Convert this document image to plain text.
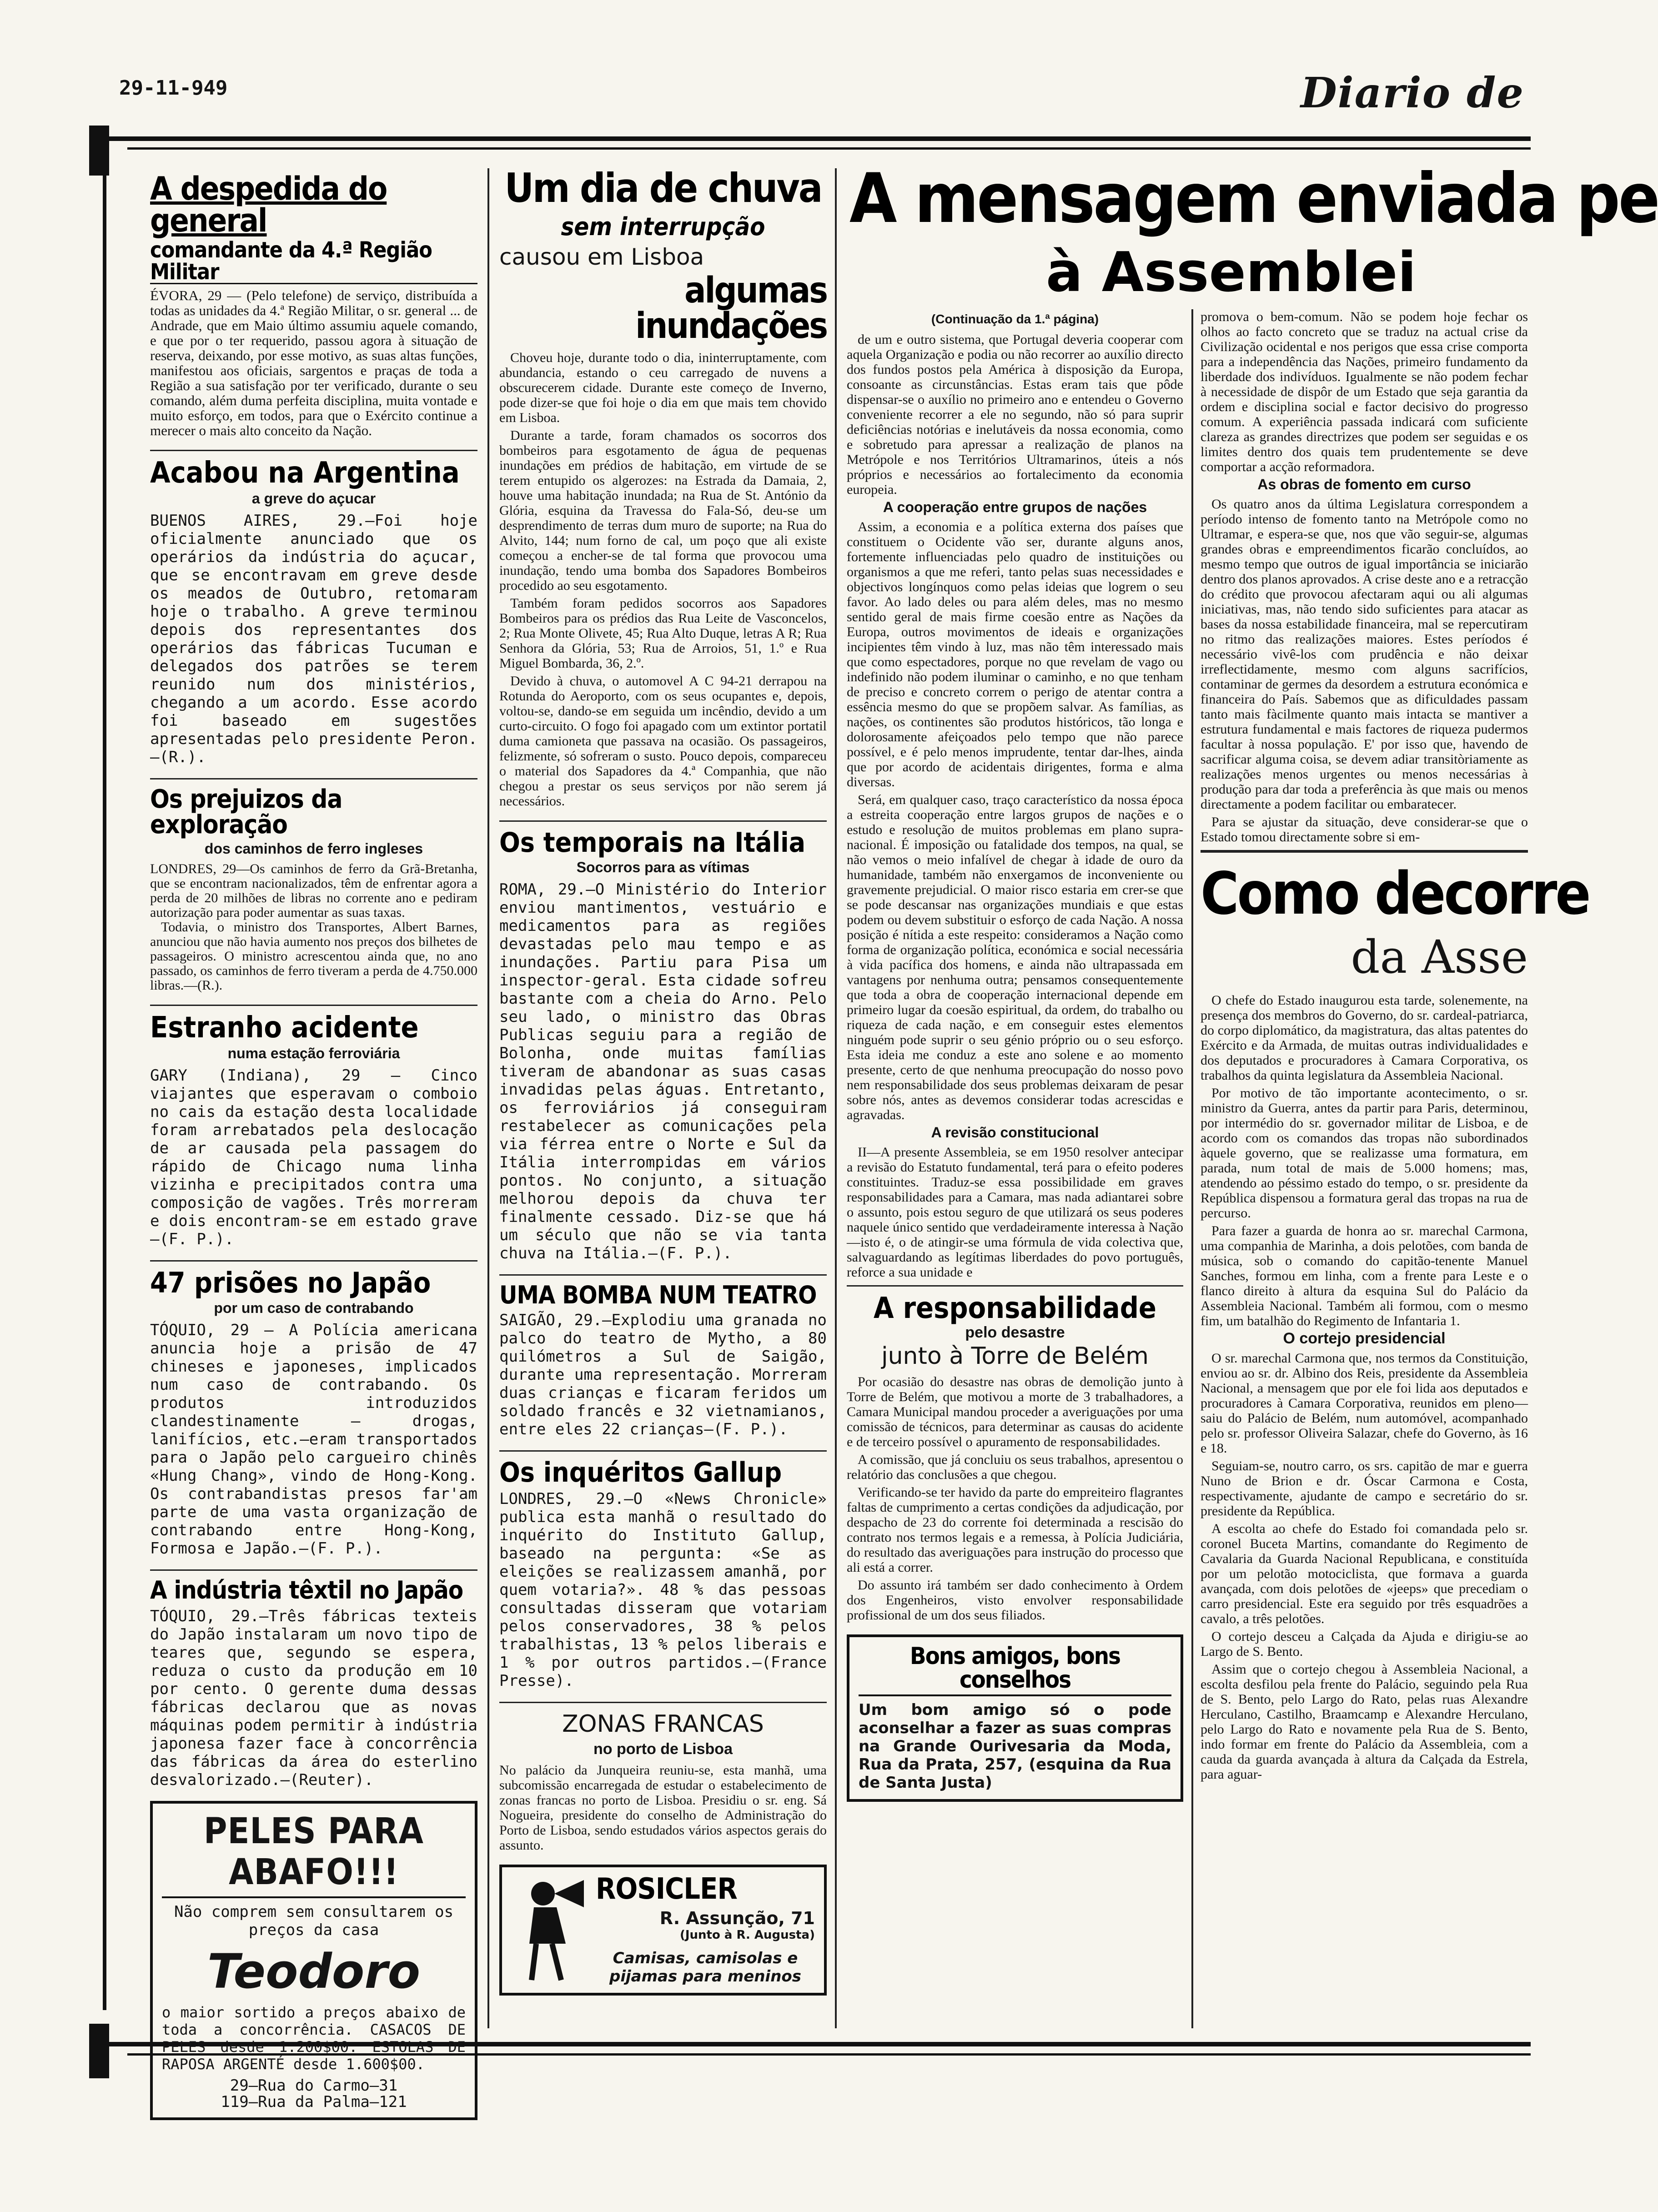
29-11-949	Diario de
A despedida do general
comandante da 4.ª Região Militar
ÉVORA, 29 — (Pelo telefone) de serviço, distribuída a todas as unidades da 4.ª Região Militar, o sr. general ... de Andrade, que em Maio último assumiu aquele comando, e que por o ter requerido, passou agora à situação de reserva, deixando, por esse motivo, as suas altas funções, manifestou aos oficiais, sargentos e praças de toda a Região a sua satisfação por ter verificado, durante o seu comando, além duma perfeita disciplina, muita vontade e muito esforço, em todos, para que o Exército continue a merecer o mais alto conceito da Nação.
Acabou na Argentina
a greve do açucar
BUENOS AIRES, 29.—Foi hoje oficialmente anunciado que os operários da indústria do açucar, que se encontravam em greve desde os meados de Outubro, retomaram hoje o trabalho. A greve terminou depois dos representantes dos operários das fábricas Tucuman e delegados dos patrões se terem reunido num dos ministérios, chegando a um acordo. Esse acordo foi baseado em sugestões apresentadas pelo presidente Peron.—(R.).
Os prejuizos da exploração
dos caminhos de ferro ingleses
LONDRES, 29—Os caminhos de ferro da Grã-Bretanha, que se encontram nacionalizados, têm de enfrentar agora a perda de 20 milhões de libras no corrente ano e pediram autorização para poder aumentar as suas taxas.
Todavia, o ministro dos Transportes, Albert Barnes, anunciou que não havia aumento nos preços dos bilhetes de passageiros. O ministro acrescentou ainda que, no ano passado, os caminhos de ferro tiveram a perda de 4.750.000 libras.—(R.).
Estranho acidente
numa estação ferroviária
GARY (Indiana), 29 — Cinco viajantes que esperavam o comboio no cais da estação desta localidade foram arrebatados pela deslocação de ar causada pela passagem do rápido de Chicago numa linha vizinha e precipitados contra uma composição de vagões. Três morreram e dois encontram-se em estado grave—(F. P.).
47 prisões no Japão
por um caso de contrabando
TÓQUIO, 29 — A Polícia americana anuncia hoje a prisão de 47 chineses e japoneses, implicados num caso de contrabando. Os produtos introduzidos clandestinamente — drogas, lanifícios, etc.—eram transportados para o Japão pelo cargueiro chinês «Hung Chang», vindo de Hong-Kong. Os contrabandistas presos far'am parte de uma vasta organização de contrabando entre Hong-Kong, Formosa e Japão.—(F. P.).
A indústria têxtil no Japão
TÓQUIO, 29.—Três fábricas texteis do Japão instalaram um novo tipo de teares que, segundo se espera, reduza o custo da produção em 10 por cento. O gerente duma dessas fábricas declarou que as novas máquinas podem permitir à indústria japonesa fazer face à concorrência das fábricas da área do esterlino desvalorizado.—(Reuter).
PELES PARA ABAFO!!!
Não comprem sem consultarem os preços da casa
Teodoro
o maior sortido a preços abaixo de toda a concorrência. CASACOS DE PELES desde 1.200$00. ESTOLAS DE RAPOSA ARGENTÉ desde 1.600$00.
29—Rua do Carmo—31
119—Rua da Palma—121
Um dia de chuva
sem interrupção
causou em Lisboa
algumas inundações

Choveu hoje, durante todo o dia, ininterruptamente, com abundancia, estando o ceu carregado de nuvens a obscurecerem cidade. Durante este começo de Inverno, pode dizer-se que foi hoje o dia em que mais tem chovido em Lisboa.

Durante a tarde, foram chamados os socorros dos bombeiros para esgotamento de água de pequenas inundações em prédios de habitação, em virtude de se terem entupido os algerozes: na Estrada da Damaia, 2, houve uma habitação inundada; na Rua de St. António da Glória, esquina da Travessa do Fala-Só, deu-se um desprendimento de terras dum muro de suporte; na Rua do Alvito, 144; num forno de cal, um poço que ali existe começou a encher-se de tal forma que provocou uma inundação, tendo uma bomba dos Sapadores Bombeiros procedido ao seu esgotamento.

Também foram pedidos socorros aos Sapadores Bombeiros para os prédios das Rua Leite de Vasconcelos, 2; Rua Monte Olivete, 45; Rua Alto Duque, letras A R; Rua Senhora da Glória, 53; Rua de Arroios, 51, 1.º e Rua Miguel Bombarda, 36, 2.º.

Devido à chuva, o automovel A C 94-21 derrapou na Rotunda do Aeroporto, com os seus ocupantes e, depois, voltou-se, dando-se em seguida um incêndio, devido a um curto-circuito. O fogo foi apagado com um extintor portatil duma camioneta que passava na ocasião. Os passageiros, felizmente, só sofreram o susto. Pouco depois, compareceu o material dos Sapadores da 4.ª Companhia, que não chegou a prestar os seus serviços por não serem já necessários.

Os temporais na Itália
Socorros para as vítimas
ROMA, 29.—O Ministério do Interior enviou mantimentos, vestuário e medicamentos para as regiões devastadas pelo mau tempo e as inundações. Partiu para Pisa um inspector-geral. Esta cidade sofreu bastante com a cheia do Arno. Pelo seu lado, o ministro das Obras Publicas seguiu para a região de Bolonha, onde muitas famílias tiveram de abandonar as suas casas invadidas pelas águas. Entretanto, os ferroviários já conseguiram restabelecer as comunicações pela via férrea entre o Norte e Sul da Itália interrompidas em vários pontos. No conjunto, a situação melhorou depois da chuva ter finalmente cessado. Diz-se que há um século que não se via tanta chuva na Itália.—(F. P.).
UMA BOMBA NUM TEATRO
SAIGÃO, 29.—Explodiu uma granada no palco do teatro de Mytho, a 80 quilómetros a Sul de Saigão, durante uma representação. Morreram duas crianças e ficaram feridos um soldado francês e 32 vietnamianos, entre eles 22 crianças—(F. P.).
Os inquéritos Gallup
LONDRES, 29.—O «News Chronicle» publica esta manhã o resultado do inquérito do Instituto Gallup, baseado na pergunta: «Se as eleições se realizassem amanhã, por quem votaria?». 48 % das pessoas consultadas disseram que votariam pelos conservadores, 38 % pelos trabalhistas, 13 % pelos liberais e 1 % por outros partidos.—(France Presse).
ZONAS FRANCAS
no porto de Lisboa
No palácio da Junqueira reuniu-se, esta manhã, uma subcomissão encarregada de estudar o estabelecimento de zonas francas no porto de Lisboa. Presidiu o sr. eng. Sá Nogueira, presidente do conselho de Administração do Porto de Lisboa, sendo estudados vários aspectos gerais do assunto.
ROSICLER
R. Assunção, 71
(Junto à R. Augusta)
Camisas, camisolas e pijamas para meninos
A mensagem enviada pe
à Assemblei
(Continuação da 1.ª página)

de um e outro sistema, que Portugal deveria cooperar com aquela Organização e podia ou não recorrer ao auxílio directo dos fundos postos pela América à disposição da Europa, consoante as circunstâncias. Estas eram tais que pôde dispensar-se o auxílio no primeiro ano e entendeu o Governo conveniente recorrer a ele no segundo, não só para suprir deficiências notórias e inelutáveis da nossa economia, como e sobretudo para apressar a realização de planos na Metrópole e nos Territórios Ultramarinos, úteis a nós próprios e necessários ao fortalecimento da economia europeia.

A cooperação entre grupos de nações

Assim, a economia e a política externa dos países que constituem o Ocidente vão ser, durante alguns anos, fortemente influenciadas pelo quadro de instituições ou organismos a que me referi, tanto pelas suas necessidades e objectivos longínquos como pelas ideias que logrem o seu favor. Ao lado deles ou para além deles, mas no mesmo sentido geral de mais firme coesão entre as Nações da Europa, outros movimentos de ideais e organizações incipientes têm vindo à luz, mas não têm interessado mais que como espectadores, porque no que revelam de vago ou indefinido não podem iluminar o caminho, e no que tenham de preciso e concreto correm o perigo de atentar contra a essência mesmo do que se propõem salvar. As famílias, as nações, os continentes são produtos históricos, tão longa e dolorosamente afeiçoados pelo tempo que não parece possível, e é pelo menos imprudente, tentar dar-lhes, ainda que por acordo de acidentais dirigentes, forma e alma diversas.

Será, em qualquer caso, traço característico da nossa época a estreita cooperação entre largos grupos de nações e o estudo e resolução de muitos problemas em plano supra-nacional. É imposição ou fatalidade dos tempos, na qual, se não vemos o meio infalível de chegar à idade de ouro da humanidade, também não enxergamos de inconveniente ou gravemente prejudicial. O maior risco estaria em crer-se que se pode descansar nas organizações mundiais e que estas podem ou devem substituir o esforço de cada Nação. A nossa posição é nítida a este respeito: consideramos a Nação como forma de organização política, económica e social necessária à vida pacífica dos homens, e ainda não ultrapassada em vantagens por nenhuma outra; pensamos consequentemente que toda a obra de cooperação internacional depende em primeiro lugar da coesão espiritual, da ordem, do trabalho ou riqueza de cada nação, e em conseguir estes elementos ninguém pode suprir o seu génio próprio ou o seu esforço. Esta ideia me conduz a este ano solene e ao momento presente, certo de que nenhuma preocupação do nosso povo nem responsabilidade dos seus problemas deixaram de pesar sobre nós, antes as devemos considerar todas acrescidas e agravadas.

A revisão constitucional

II—A presente Assembleia, se em 1950 resolver antecipar a revisão do Estatuto fundamental, terá para o efeito poderes constituintes. Traduz-se essa possibilidade em graves responsabilidades para a Camara, mas nada adiantarei sobre o assunto, pois estou seguro de que utilizará os seus poderes naquele único sentido que verdadeiramente interessa à Nação—isto é, o de atingir-se uma fórmula de vida colectiva que, salvaguardando as legítimas liberdades do povo português, reforce a sua unidade e

A responsabilidade
pelo desastre
junto à Torre de Belém

Por ocasião do desastre nas obras de demolição junto à Torre de Belém, que motivou a morte de 3 trabalhadores, a Camara Municipal mandou proceder a averiguações por uma comissão de técnicos, para determinar as causas do acidente e de terceiro possível o apuramento de responsabilidades.

A comissão, que já concluiu os seus trabalhos, apresentou o relatório das conclusões a que chegou.

Verificando-se ter havido da parte do empreiteiro flagrantes faltas de cumprimento a certas condições da adjudicação, por despacho de 23 do corrente foi determinada a rescisão do contrato nos termos legais e a remessa, à Polícia Judiciária, do resultado das averiguações para instrução do processo que ali está a correr.

Do assunto irá também ser dado conhecimento à Ordem dos Engenheiros, visto envolver responsabilidade profissional de um dos seus filiados.

Bons amigos, bons conselhos
Um bom amigo só o pode aconselhar a fazer as suas compras na Grande Ourivesaria da Moda, Rua da Prata, 257, (esquina da Rua de Santa Justa)

promova o bem-comum. Não se podem hoje fechar os olhos ao facto concreto que se traduz na actual crise da Civilização ocidental e nos perigos que essa crise comporta para a independência das Nações, primeiro fundamento da liberdade dos indivíduos. Igualmente se não podem fechar à necessidade de dispôr de um Estado que seja garantia da ordem e disciplina social e factor decisivo do progresso comum. A experiência passada indicará com suficiente clareza as grandes directrizes que podem ser seguidas e os limites dentro dos quais tem prudentemente se deve comportar a acção reformadora.

As obras de fomento em curso

Os quatro anos da última Legislatura correspondem a período intenso de fomento tanto na Metrópole como no Ultramar, e espera-se que, nos que vão seguir-se, algumas grandes obras e empreendimentos ficarão concluídos, ao mesmo tempo que outros de igual importância se iniciarão dentro dos planos aprovados. A crise deste ano e a retracção do crédito que provocou afectaram aqui ou ali algumas iniciativas, mas, não tendo sido suficientes para atacar as bases da nossa estabilidade financeira, mal se repercutiram no ritmo das realizações maiores. Estes períodos é necessário vivê-los com prudência e não deixar irreflectidamente, mesmo com alguns sacrifícios, contaminar de germes da desordem a estrutura económica e financeira do País. Sabemos que as dificuldades passam tanto mais fàcilmente quanto mais intacta se mantiver a estrutura fundamental e mais factores de riqueza pudermos facultar à nossa população. E' por isso que, havendo de sacrificar alguma coisa, se devem adiar transitòriamente as realizações menos urgentes ou menos necessárias à produção para dar toda a preferência às que mais ou menos directamente a podem facilitar ou embaratecer.

Para se ajustar da situação, deve considerar-se que o Estado tomou directamente sobre si em-

Como decorre
da Asse

O chefe do Estado inaugurou esta tarde, solenemente, na presença dos membros do Governo, do sr. cardeal-patriarca, do corpo diplomático, da magistratura, das altas patentes do Exército e da Armada, de muitas outras individualidades e dos deputados e procuradores à Camara Corporativa, os trabalhos da quinta legislatura da Assembleia Nacional.

Por motivo de tão importante acontecimento, o sr. ministro da Guerra, antes da partir para Paris, determinou, por intermédio do sr. governador militar de Lisboa, e de acordo com os comandos das tropas não subordinados àquele governo, que se realizasse uma formatura, em parada, num total de mais de 5.000 homens; mas, atendendo ao péssimo estado do tempo, o sr. presidente da República dispensou a formatura geral das tropas na rua de percurso.

Para fazer a guarda de honra ao sr. marechal Carmona, uma companhia de Marinha, a dois pelotões, com banda de música, sob o comando do capitão-tenente Manuel Sanches, formou em linha, com a frente para Leste e o flanco direito à altura da esquina Sul do Palácio da Assembleia Nacional. Também ali formou, com o mesmo fim, um batalhão do Regimento de Infantaria 1.

O cortejo presidencial

O sr. marechal Carmona que, nos termos da Constituição, enviou ao sr. dr. Albino dos Reis, presidente da Assembleia Nacional, a mensagem que por ele foi lida aos deputados e procuradores à Camara Corporativa, reunidos em pleno—saiu do Palácio de Belém, num automóvel, acompanhado pelo sr. professor Oliveira Salazar, chefe do Governo, às 16 e 18.

Seguiam-se, noutro carro, os srs. capitão de mar e guerra Nuno de Brion e dr. Óscar Carmona e Costa, respectivamente, ajudante de campo e secretário do sr. presidente da República.

A escolta ao chefe do Estado foi comandada pelo sr. coronel Buceta Martins, comandante do Regimento de Cavalaria da Guarda Nacional Republicana, e constituída por um pelotão motociclista, que formava a guarda avançada, com dois pelotões de «jeeps» que precediam o carro presidencial. Este era seguido por três esquadrões a cavalo, a três pelotões.

O cortejo desceu a Calçada da Ajuda e dirigiu-se ao Largo de S. Bento.

Assim que o cortejo chegou à Assembleia Nacional, a escolta desfilou pela frente do Palácio, seguindo pela Rua de S. Bento, pelo Largo do Rato, pelas ruas Alexandre Herculano, Castilho, Braamcamp e Alexandre Herculano, pelo Largo do Rato e novamente pela Rua de S. Bento, indo formar em frente do Palácio da Assembleia, com a cauda da guarda avançada à altura da Calçada da Estrela, para aguar-
